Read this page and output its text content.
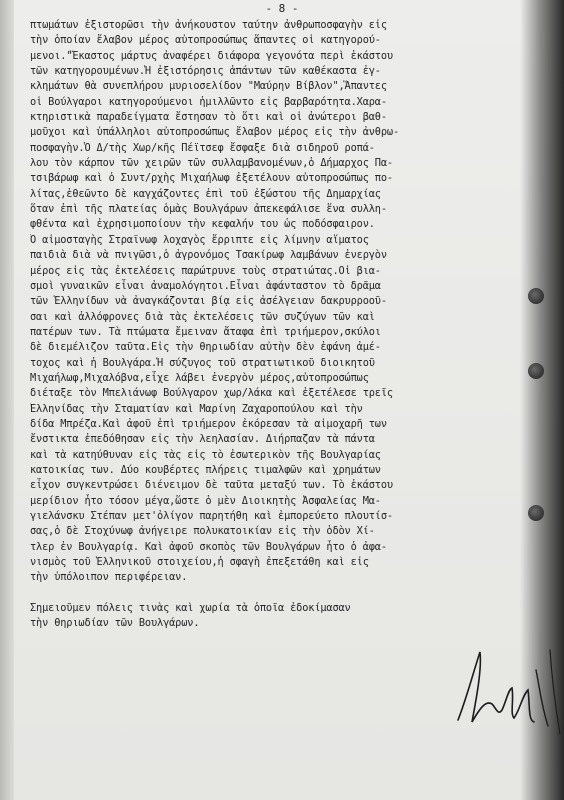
- 8 -
πτωμάτων ἐξιστορῶσι τὴν ἀνήκουστον ταύτην ἀνθρωποσφαγὴν εἰς
τὴν ὁποίαν ἔλαβον μέρος αὐτοπροσώπως ἅπαντες οἱ κατηγορού-
μενοι."Ἕκαστος μάρτυς ἀναφέρει διάφορα γεγονότα περὶ ἑκάστου
τῶν κατηγορουμένων.Ἡ ἐξιστόρησις ἁπάντων τῶν καθέκαστα ἐγ-
κλημάτων θὰ συνεπλήρου μυριοσελίδον "Μαύρην Βίβλον",Ἅπαντες
οἱ Βούλγαροι κατηγορούμενοι ἡμιλλῶντο εἰς βαρβαρότητα.Χαρα-
κτηριστικὰ παραδείγματα ἔστησαν τὸ ὅτι καὶ οἱ ἀνώτεροι βαθ-
μοῦχοι καὶ ὑπάλληλοι αὐτοπροσώπως ἔλαβον μέρος εἰς τὴν ἀνθρω-
ποσφαγὴν.Ὁ Δ/τὴς Χωρ/κῆς Πέϊτσεφ ἔσφαξε διὰ σιδηροῦ ροπά-
λου τὸν κάρπον τῶν χειρῶν τῶν συλλαμβανομένων,ὁ Δήμαρχος Πα-
τσιβάρωφ καὶ ὁ Συντ/ρχὴς Μιχαήλωφ ἐξετέλουν αὐτοπροσώπως πο-
λίτας,ἐθεῶντο δὲ καγχάζοντες ἐπὶ τοῦ ἐξώστου τῆς Δημαρχίας
ὅταν ἐπὶ τῆς πλατείας ὁμὰς Βουλγάρων ἀπεκεφάλισε ἕνα συλλη-
φθέντα καὶ ἐχρησιμοποίουν τὴν κεφαλήν του ὡς ποδόσφαιρον.
Ὁ αἱμοσταγὴς Στραϊνωφ λοχαγὸς ἔρριπτε εἰς λίμνην αἵματος
παιδιὰ διὰ νὰ πνιγῶσι,ὁ ἀγρονόμος Τσακίρωφ λαμβάνων ἐνεργὸν
μέρος εἰς τὰς ἐκτελέσεις παρώτρυνε τοὺς στρατιώτας.Οἱ βια-
σμοὶ γυναικῶν εἶναι ἀναμολόγητοι.Εἶναι ἀφάνταστον τὸ δρᾶμα
τῶν Ἑλληνίδων νὰ ἀναγκάζονται βίᾳ εἰς ἀσέλγειαν δακρυρροοῦ-
σαι καὶ ἀλλόφρονες διὰ τὰς ἐκτελέσεις τῶν συζύγων τῶν καὶ
πατέρων των. Τὰ πτώματα ἔμειναν ἄταφα ἐπὶ τριήμερον,σκύλοι
δὲ διεμέλιζον ταῦτα.Εἰς τὴν θηριωδίαν αὐτὴν δὲν ἐφάνη ἀμέ-
τοχος καὶ ἡ Βουλγάρα.Ἡ σύζυγος τοῦ στρατιωτικοῦ διοικητοῦ
Μιχαήλωφ,Μιχαλόβνα,εἶχε λάβει ἐνεργὸν μέρος,αὐτοπροσώπως
διέταξε τὸν Μπελιάνωφ Βούλγαρον χωρ/λάκα καὶ ἐξετέλεσε τρεῖς
Ἑλληνίδας τὴν Σταματίαν καὶ Μαρίνη Ζαχαροπούλου καὶ τὴν
δίδα Μπρέζα.Καὶ ἀφοῦ ἐπὶ τριήμερον ἐκόρεσαν τὰ αἱμοχαρῆ των
ἔνστικτα ἐπεδόθησαν εἰς τὴν λεηλασίαν. Διήρπαζαν τὰ πάντα
καὶ τὰ κατηύθυναν εἰς τὰς εἰς τὸ ἐσωτερικὸν τῆς Βουλγαρίας
κατοικίας των. Δύο κουβέρτες πλήρεις τιμαλφῶν καὶ χρημάτων
εἶχον συγκεντρώσει διένειμον δὲ ταῦτα μεταξύ των. Τὸ ἑκάστου
μερίδιον ἦτο τόσον μέγα,ὥστε ὁ μὲν Διοικητὴς Ἀσφαλείας Μα-
γιελάνσκυ Στέπαν μετ'ὀλίγον παρητήθη καὶ ἐμπορεύετο πλουτίσ-
σας,ὁ δὲ Στοχύνωφ ἀνήγειρε πολυκατοικίαν εἰς τὴν ὁδὸν Χί-
τλερ ἐν Βουλγαρίᾳ. Καὶ ἀφοῦ σκοπὸς τῶν Βουλγάρων ἦτο ὁ ἀφα-
νισμὸς τοῦ Ἑλληνικοῦ στοιχείου,ἡ σφαγὴ ἐπεξετάθη καὶ εἰς
τὴν ὑπόλοιπον περιφέρειαν.
Σημειοῦμεν πόλεις τινὰς καὶ χωρία τὰ ὁποῖα ἐδοκίμασαν
τὴν θηριωδίαν τῶν Βουλγάρων.
